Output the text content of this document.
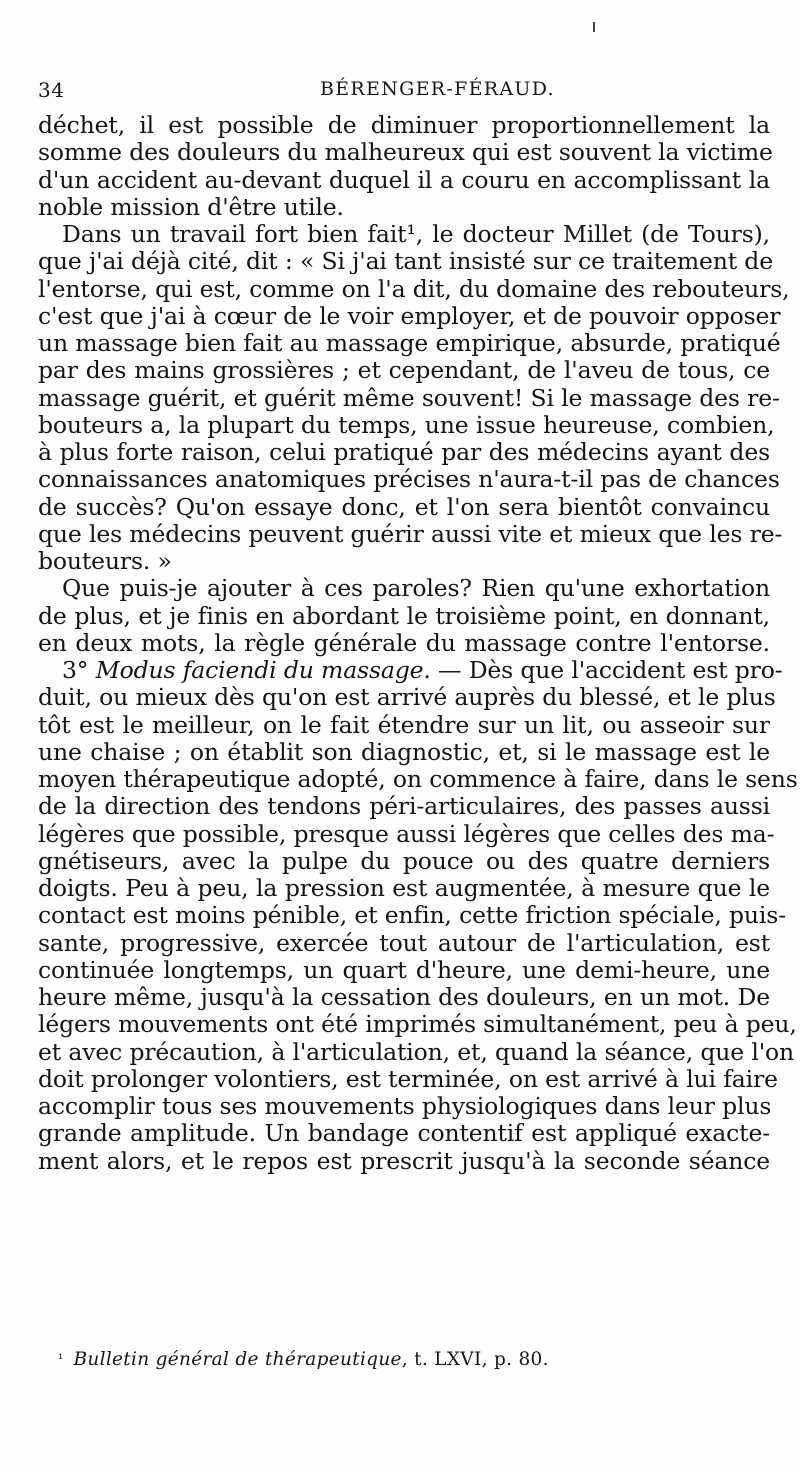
34	BÉRENGER-FÉRAUD.
déchet, il est possible de diminuer proportionnellement la
somme des douleurs du malheureux qui est souvent la victime
d'un accident au-devant duquel il a couru en accomplissant la
noble mission d'être utile.
Dans un travail fort bien fait¹, le docteur Millet (de Tours),
que j'ai déjà cité, dit : « Si j'ai tant insisté sur ce traitement de
l'entorse, qui est, comme on l'a dit, du domaine des rebouteurs,
c'est que j'ai à cœur de le voir employer, et de pouvoir opposer
un massage bien fait au massage empirique, absurde, pratiqué
par des mains grossières ; et cependant, de l'aveu de tous, ce
massage guérit, et guérit même souvent! Si le massage des re-
bouteurs a, la plupart du temps, une issue heureuse, combien,
à plus forte raison, celui pratiqué par des médecins ayant des
connaissances anatomiques précises n'aura-t-il pas de chances
de succès? Qu'on essaye donc, et l'on sera bientôt convaincu
que les médecins peuvent guérir aussi vite et mieux que les re-
bouteurs. »
Que puis-je ajouter à ces paroles? Rien qu'une exhortation
de plus, et je finis en abordant le troisième point, en donnant,
en deux mots, la règle générale du massage contre l'entorse.
3° Modus faciendi du massage. — Dès que l'accident est pro-
duit, ou mieux dès qu'on est arrivé auprès du blessé, et le plus
tôt est le meilleur, on le fait étendre sur un lit, ou asseoir sur
une chaise ; on établit son diagnostic, et, si le massage est le
moyen thérapeutique adopté, on commence à faire, dans le sens
de la direction des tendons péri-articulaires, des passes aussi
légères que possible, presque aussi légères que celles des ma-
gnétiseurs, avec la pulpe du pouce ou des quatre derniers
doigts. Peu à peu, la pression est augmentée, à mesure que le
contact est moins pénible, et enfin, cette friction spéciale, puis-
sante, progressive, exercée tout autour de l'articulation, est
continuée longtemps, un quart d'heure, une demi-heure, une
heure même, jusqu'à la cessation des douleurs, en un mot. De
légers mouvements ont été imprimés simultanément, peu à peu,
et avec précaution, à l'articulation, et, quand la séance, que l'on
doit prolonger volontiers, est terminée, on est arrivé à lui faire
accomplir tous ses mouvements physiologiques dans leur plus
grande amplitude. Un bandage contentif est appliqué exacte-
ment alors, et le repos est prescrit jusqu'à la seconde séance
$^{^1}$ Bulletin général de thérapeutique, t. LXVI, p. 80.
